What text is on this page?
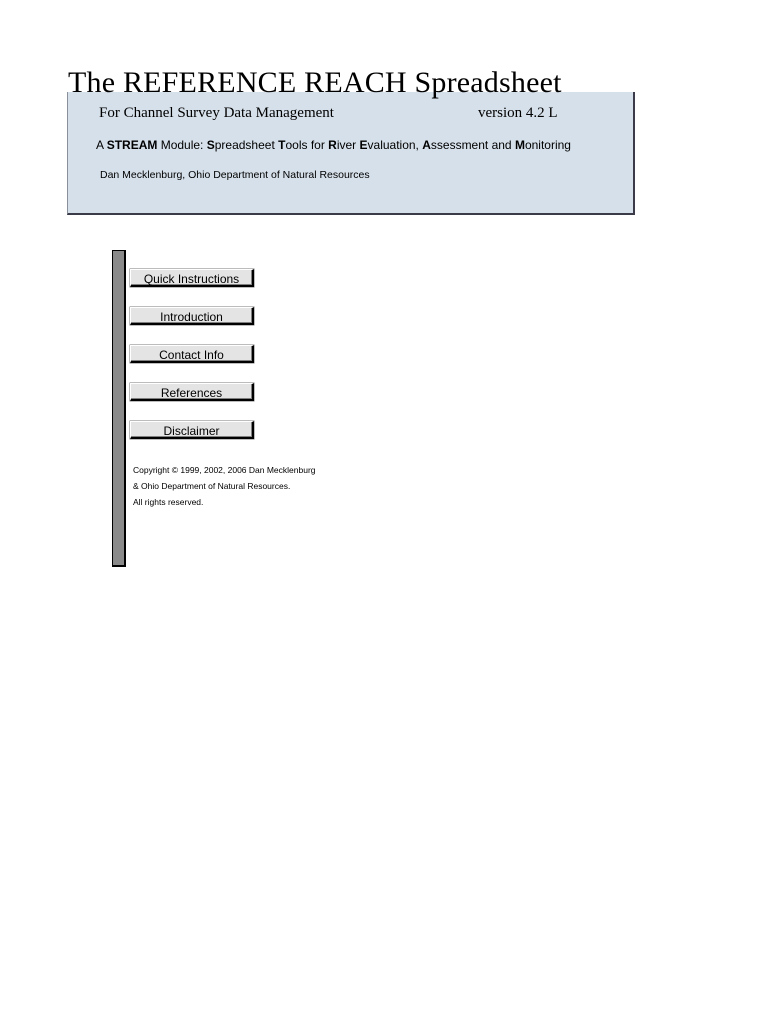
The REFERENCE REACH Spreadsheet
For Channel Survey Data Management	version 4.2 L
A STREAM Module: Spreadsheet Tools for River Evaluation, Assessment and Monitoring
Dan Mecklenburg, Ohio Department of Natural Resources
Quick Instructions
Introduction
Contact Info
References
Disclaimer
Copyright © 1999, 2002, 2006 Dan Mecklenburg
& Ohio Department of Natural Resources.
All rights reserved.
